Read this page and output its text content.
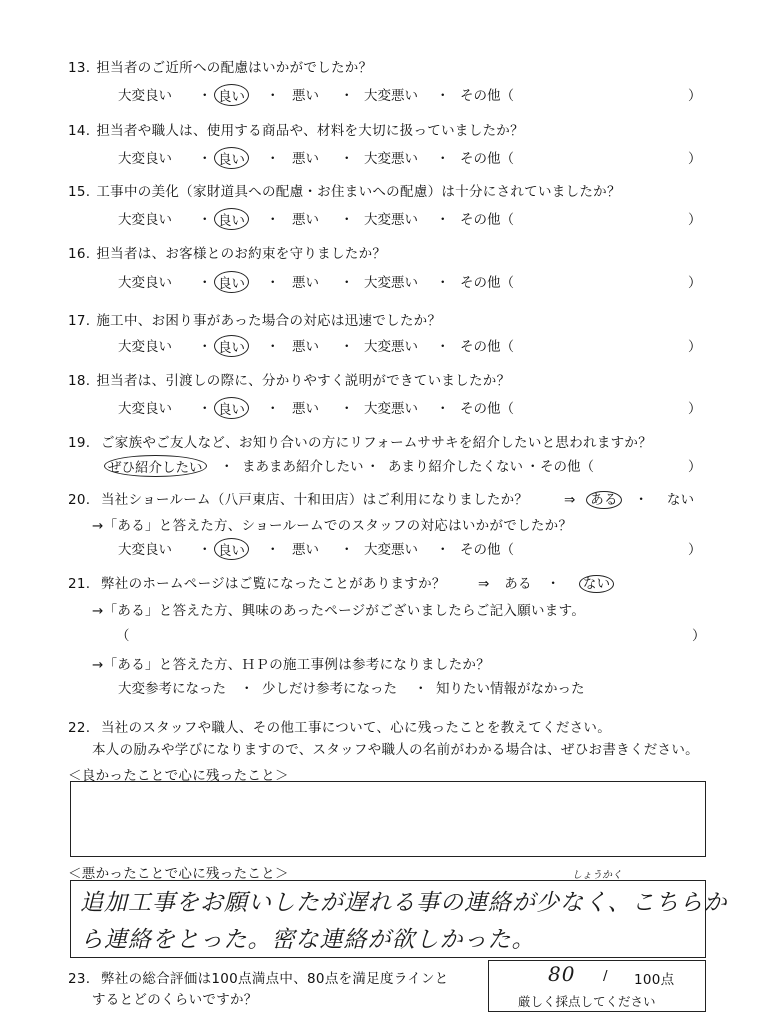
13. 担当者のご近所への配慮はいかがでしたか？
大変良い ・ 良い ・ 悪い ・ 大変悪い ・ その他（	）
14. 担当者や職人は、使用する商品や、材料を大切に扱っていましたか？
大変良い ・ 良い ・ 悪い ・ 大変悪い ・ その他（	）
15. 工事中の美化（家財道具への配慮・お住まいへの配慮）は十分にされていましたか？
大変良い ・ 良い ・ 悪い ・ 大変悪い ・ その他（	）
16. 担当者は、お客様とのお約束を守りましたか？
大変良い ・ 良い ・ 悪い ・ 大変悪い ・ その他（	）
17. 施工中、お困り事があった場合の対応は迅速でしたか？
大変良い ・ 良い ・ 悪い ・ 大変悪い ・ その他（	）
18. 担当者は、引渡しの際に、分かりやすく説明ができていましたか？
大変良い ・ 良い ・ 悪い ・ 大変悪い ・ その他（	）
19. ご家族やご友人など、お知り合いの方にリフォームササキを紹介したいと思われますか？
ぜひ紹介したい ・ まあまあ紹介したい ・ あまり紹介したくない ・ その他（	）
20. 当社ショールーム（八戸東店、十和田店）はご利用になりましたか？	⇒ ある ・ ない
→「ある」と答えた方、ショールームでのスタッフの対応はいかがでしたか？
大変良い ・ 良い ・ 悪い ・ 大変悪い ・ その他（	）
21. 弊社のホームページはご覧になったことがありますか？ ⇒ ある ・ ない
→「ある」と答えた方、興味のあったページがございましたらご記入願います。
（	）
→「ある」と答えた方、ＨＰの施工事例は参考になりましたか？
大変参考になった ・ 少しだけ参考になった ・ 知りたい情報がなかった
22. 当社のスタッフや職人、その他工事について、心に残ったことを教えてください。
本人の励みや学びになりますので、スタッフや職人の名前がわかる場合は、ぜひお書きください。
＜良かったことで心に残ったこと＞
＜悪かったことで心に残ったこと＞	しょうかく
追加工事をお願いしたが遅れる事の連絡が少なく、こちらか
ら連絡をとった。密な連絡が欲しかった。
23. 弊社の総合評価は100点満点中、80点を満足度ラインと
するとどのくらいですか？
80 / 100点
厳しく採点してください
